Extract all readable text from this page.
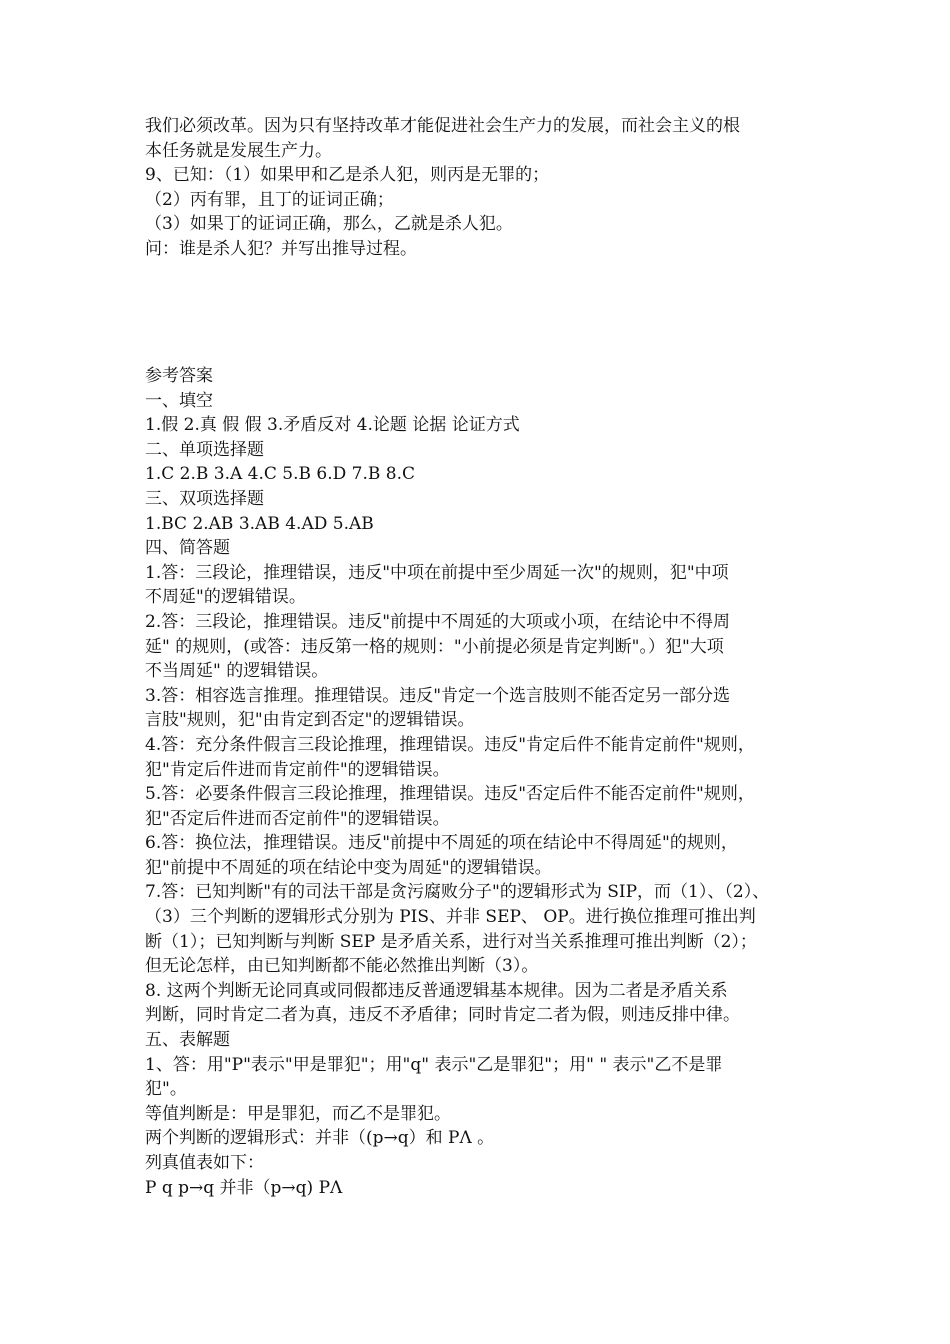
我们必须改革。因为只有坚持改革才能促进社会生产力的发展，而社会主义的根
本任务就是发展生产力。
9、已知：（1）如果甲和乙是杀人犯，则丙是无罪的；
（2）丙有罪，且丁的证词正确；
（3）如果丁的证词正确，那么，乙就是杀人犯。
问：谁是杀人犯？并写出推导过程。
参考答案
一、填空
1.假 2.真 假 假 3.矛盾反对 4.论题 论据 论证方式
二、单项选择题
1.C 2.B 3.A 4.C 5.B 6.D 7.B 8.C
三、双项选择题
1.BC 2.AB 3.AB 4.AD 5.AB
四、简答题
1.答：三段论，推理错误，违反"中项在前提中至少周延一次"的规则，犯"中项
不周延"的逻辑错误。
2.答：三段论，推理错误。违反"前提中不周延的大项或小项，在结论中不得周
延" 的规则，(或答：违反第一格的规则："小前提必须是肯定判断"。）犯"大项
不当周延" 的逻辑错误。
3.答：相容选言推理。推理错误。违反"肯定一个选言肢则不能否定另一部分选
言肢"规则，犯"由肯定到否定"的逻辑错误。
4.答：充分条件假言三段论推理，推理错误。违反"肯定后件不能肯定前件"规则，
犯"肯定后件进而肯定前件"的逻辑错误。
5.答：必要条件假言三段论推理，推理错误。违反"否定后件不能否定前件"规则，
犯"否定后件进而否定前件"的逻辑错误。
6.答：换位法，推理错误。违反"前提中不周延的项在结论中不得周延"的规则，
犯"前提中不周延的项在结论中变为周延"的逻辑错误。
7.答：已知判断"有的司法干部是贪污腐败分子"的逻辑形式为 SIP，而（1）、（2）、
（3）三个判断的逻辑形式分别为 PIS、并非 SEP、 OP。进行换位推理可推出判
断（1）；已知判断与判断 SEP 是矛盾关系，进行对当关系推理可推出判断（2）；
但无论怎样，由已知判断都不能必然推出判断（3）。
8. 这两个判断无论同真或同假都违反普通逻辑基本规律。因为二者是矛盾关系
判断，同时肯定二者为真，违反不矛盾律；同时肯定二者为假，则违反排中律。
五、表解题
1、答：用"P"表示"甲是罪犯"；用"q" 表示"乙是罪犯"；用" " 表示"乙不是罪
犯"。
等值判断是：甲是罪犯，而乙不是罪犯。
两个判断的逻辑形式：并非（(p→q）和 PΛ 。
列真值表如下：
P q p→q 并非（p→q) PΛ
